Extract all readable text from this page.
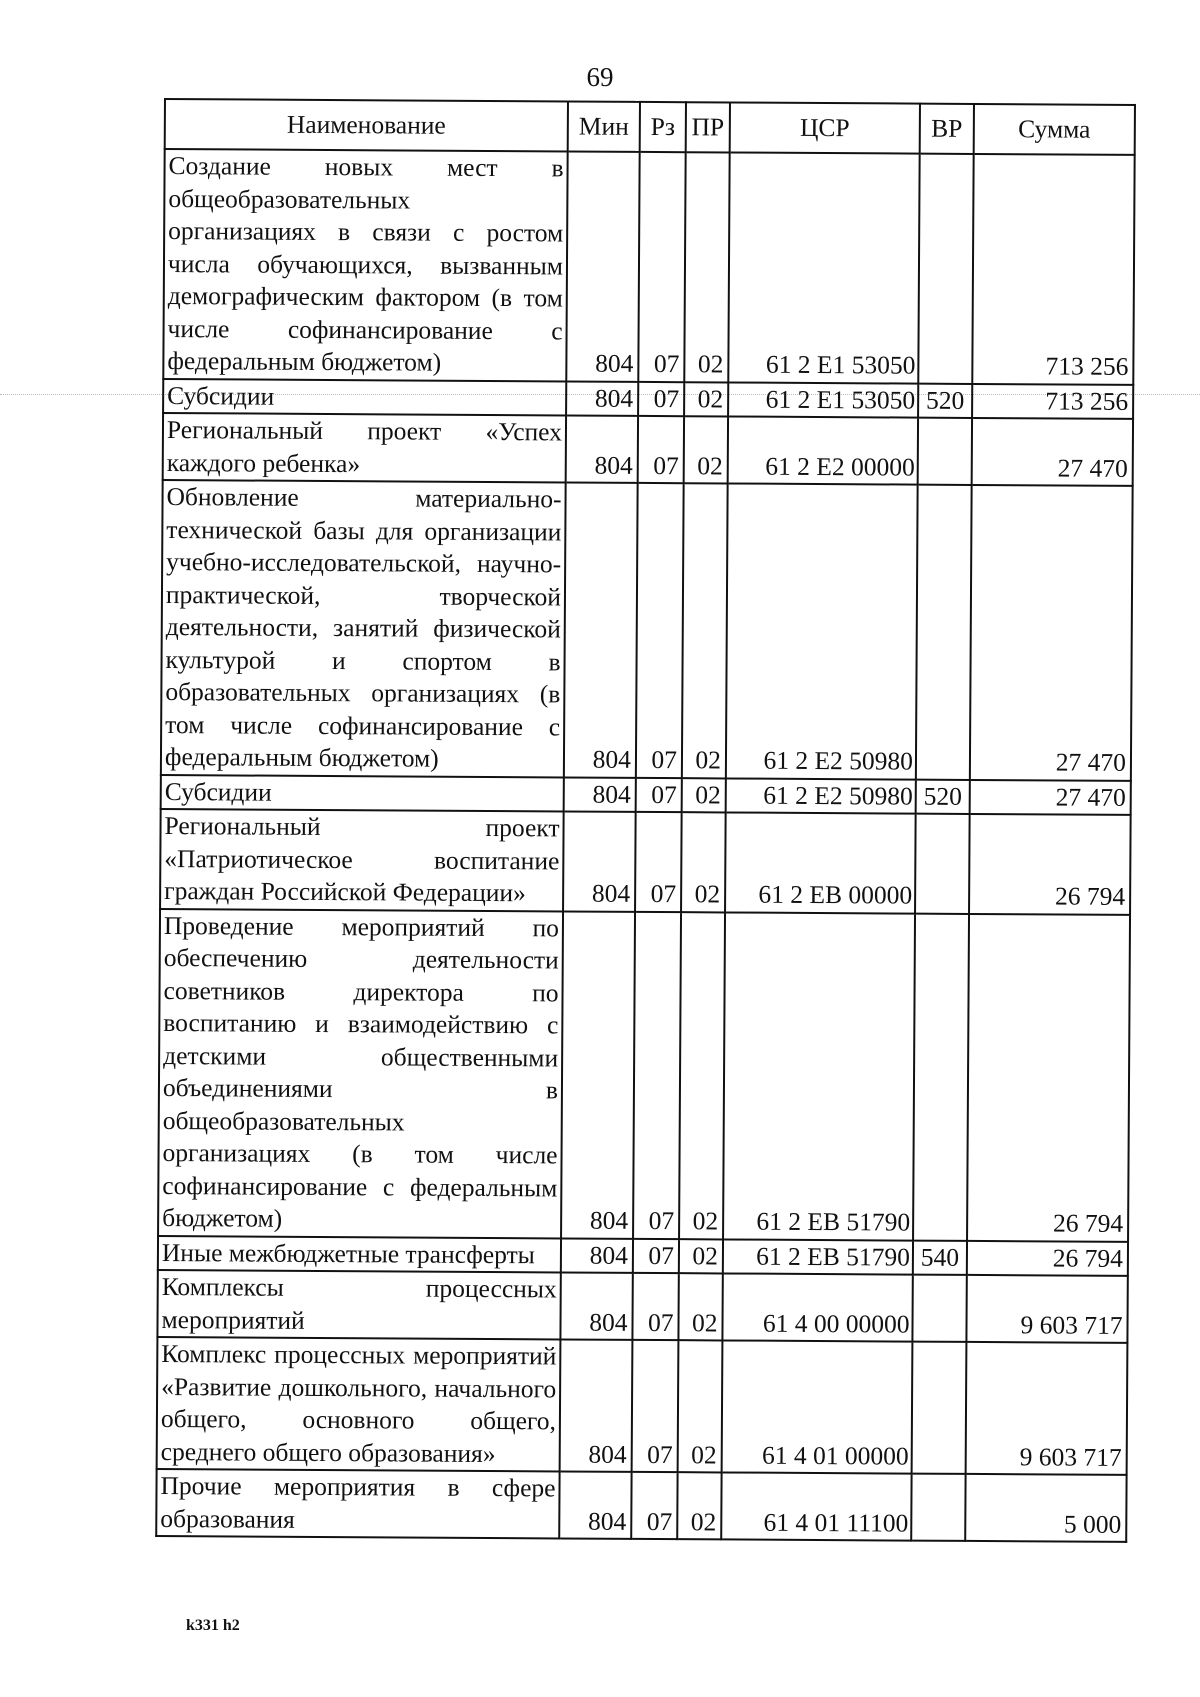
69
Наименование	Мин	Рз	ПР	ЦСР	ВР	Сумма
Создание новых мест в общеобразовательных организациях в связи с ростом числа обучающихся, вызванным демографическим фактором (в том числе софинансирование с федеральным бюджетом)	804	07	02	61 2 Е1 53050		713 256
Субсидии	804	07	02	61 2 Е1 53050	520	713 256
Региональный проект «Успех каждого ребенка»	804	07	02	61 2 Е2 00000		27 470
Обновление материально-технической базы для организации учебно-исследовательской, научно-практической, творческой деятельности, занятий физической культурой и спортом в образовательных организациях (в том числе софинансирование с федеральным бюджетом)	804	07	02	61 2 Е2 50980		27 470
Субсидии	804	07	02	61 2 Е2 50980	520	27 470
Региональный проект «Патриотическое воспитание граждан Российской Федерации»	804	07	02	61 2 ЕВ 00000		26 794
Проведение мероприятий по обеспечению деятельности советников директора по воспитанию и взаимодействию с детскими общественными объединениями в общеобразовательных организациях (в том числе софинансирование с федеральным бюджетом)	804	07	02	61 2 ЕВ 51790		26 794
Иные межбюджетные трансферты	804	07	02	61 2 ЕВ 51790	540	26 794
Комплексы процессных мероприятий	804	07	02	61 4 00 00000		9 603 717
Комплекс процессных мероприятий «Развитие дошкольного, начального общего, основного общего, среднего общего образования»	804	07	02	61 4 01 00000		9 603 717
Прочие мероприятия в сфере образования	804	07	02	61 4 01 11100		5 000
k331 h2
